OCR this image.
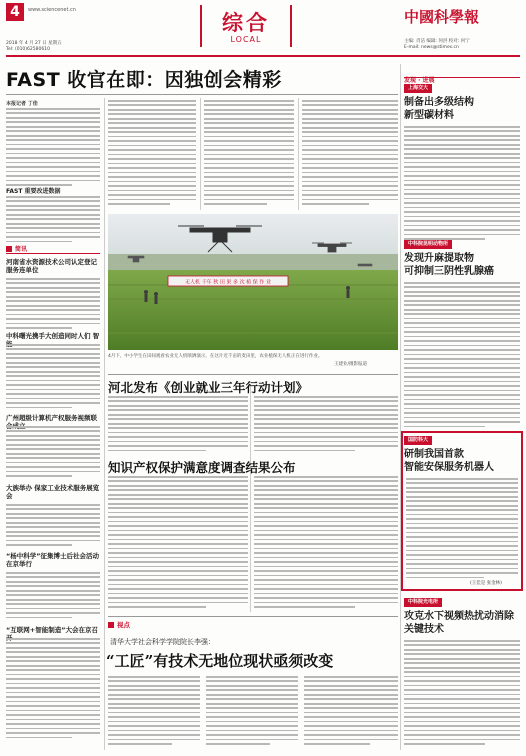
4	www.sciencenet.cn
2018 年 4 月 27 日 星期五
Tel: (010)62580610
综合
LOCAL
中國科學報
主编: 肖洁 编辑: 何洪 校对: 何宁
E-mail: news@stimes.cn
FAST 收官在即：因独创会精彩
本报记者 丁佳
FAST 重要改进数据
简讯
河南省水资源技术公司认定登记服务连单位
中科曙光携手大创造同时人们 智
广州超级计算机产权服务视频联
大族举办 保家工业技术服务展览会
“杨中科学”征集博士后社会活动在京举行
“互联网+智能制造”大会在京召
无人机 千年 秋 田 果 多 次 植 保 作 业
4月下，中小学生在田间观看农业无人机喷洒演示，在这片近千亩的麦田里，农业植保无人机正在进行作业。
王建业/摄影报道
河北发布《创业就业三年行动计划》
知识产权保护满意度调查结果公布
视点
清华大学社会科学学院院长李强：
“工匠”有技术无地位现状亟须改变
发现 · 进展
上海交大
制备出多级结构
新型碳材料
中科院昆明动物所
发现升麻提取物
可抑制三阴性乳腺癌
国防科大
研制我国首款
智能安保服务机器人
(王佳是 张金林)
中科院光电所
攻克水下视频热扰动消除
关键技术
